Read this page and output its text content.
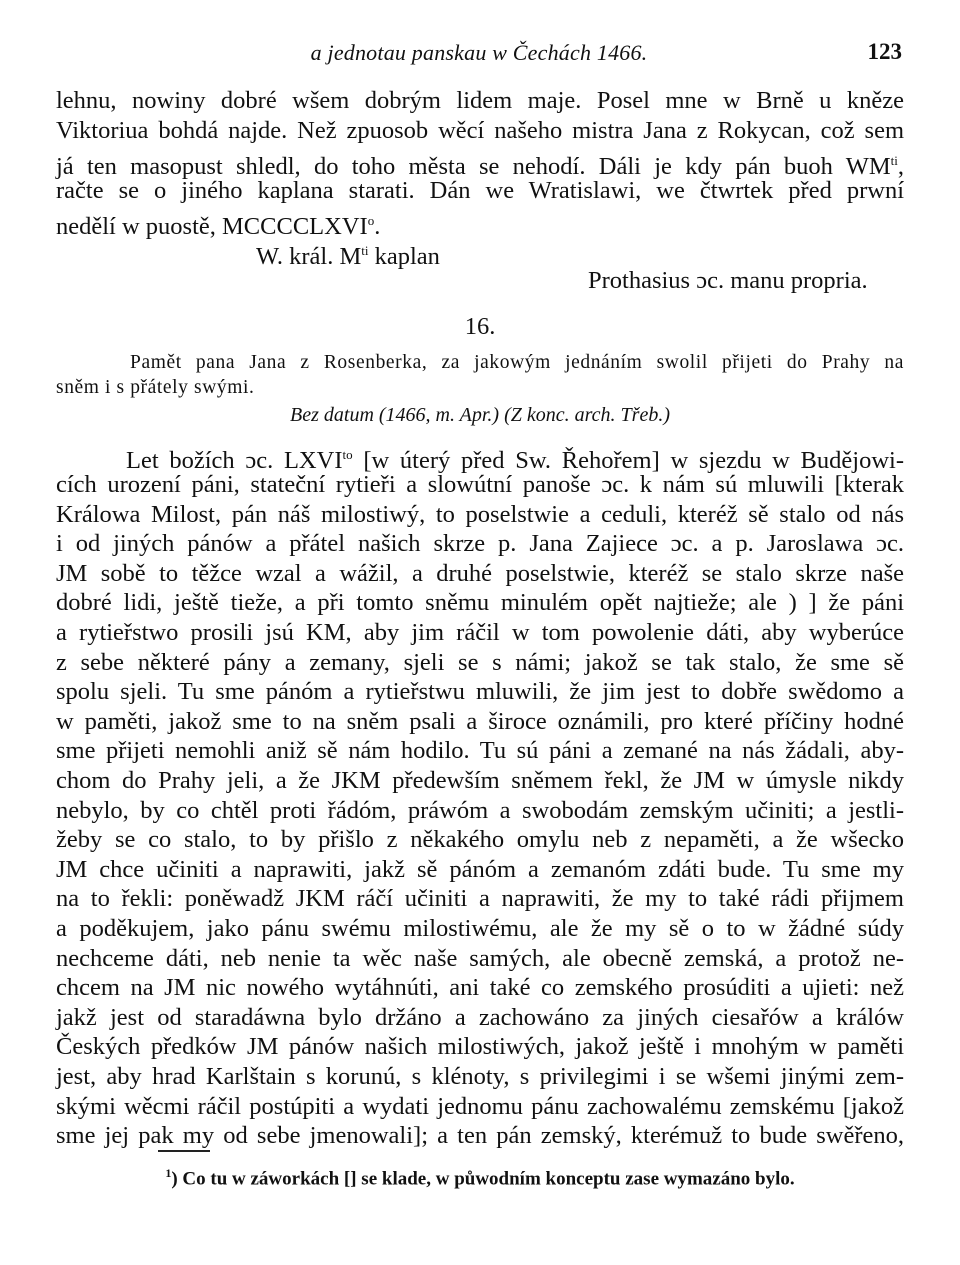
a jednotau panskau w Čechách 1466.	123
lehnu, nowiny dobré wšem dobrým lidem maje. Posel mne w Brně u kněze
Viktoriua bohdá najde. Než zpuosob wěcí našeho mistra Jana z Rokycan, což sem
já ten masopust shledl, do toho města se nehodí. Dáli je kdy pán buoh $WM^{ti}$,
račte se o jiného kaplana starati. Dán we Wratislawi, we čtwrtek před prwní
nedělí w puostě, MCCCCLXVI$^o$.
W. král. $M^{ti}$ kaplan
Prothasius ɔc. manu propria.
16.
Pamět pana Jana z Rosenberka, za jakowým jednáním swolil přijeti do Prahy na
sněm i s přátely swými.
Bez datum (1466, m. Apr.) (Z konc. arch. Třeb.)
Let božích ɔc. $LXVI^{to}$ [w úterý před Sw. Řehořem] w sjezdu w Budějowi-
cích urození páni, stateční rytieři a slowútní panoše ɔc. k nám sú mluwili [kterak
Králowa Milost, pán náš milostiwý, to poselstwie a ceduli, kteréž sě stalo od nás
i od jiných pánów a přátel našich skrze p. Jana Zajiece ɔc. a p. Jaroslawa ɔc.
JM sobě to těžce wzal a wážil, a druhé poselstwie, kteréž se stalo skrze naše
dobré lidi, ještě tieže, a při tomto sněmu minulém opět najtieže; ale ) ] že páni
a rytieřstwo prosili jsú KM, aby jim ráčil w tom powolenie dáti, aby wyberúce
z sebe některé pány a zemany, sjeli se s námi; jakož se tak stalo, že sme sě
spolu sjeli. Tu sme pánóm a rytieřstwu mluwili, že jim jest to dobře swědomo a
w paměti, jakož sme to na sněm psali a široce oznámili, pro které příčiny hodné
sme přijeti nemohli aniž sě nám hodilo. Tu sú páni a zemané na nás žádali, aby-
chom do Prahy jeli, a že JKM předewším sněmem řekl, že JM w úmysle nikdy
nebylo, by co chtěl proti řádóm, práwóm a swobodám zemským učiniti; a jestli-
žeby se co stalo, to by přišlo z někakého omylu neb z nepaměti, a že wšecko
JM chce učiniti a naprawiti, jakž sě pánóm a zemanóm zdáti bude. Tu sme my
na to řekli: poněwadž JKM ráčí učiniti a naprawiti, že my to také rádi přijmem
a poděkujem, jako pánu swému milostiwému, ale že my sě o to w žádné súdy
nechceme dáti, neb nenie ta wěc naše samých, ale obecně zemská, a protož ne-
chcem na JM nic nowého wytáhnúti, ani také co zemského prosúditi a ujieti: než
jakž jest od staradáwna bylo držáno a zachowáno za jiných ciesařów a králów
Českých předków JM pánów našich milostiwých, jakož ještě i mnohým w paměti
jest, aby hrad Karlštain s korunú, s klénoty, s privilegimi i se wšemi jinými zem-
skými wěcmi ráčil postúpiti a wydati jednomu pánu zachowalému zemskému [jakož
$^1$) Co tu w záworkách [] se klade, w půwodním konceptu zase wymazáno bylo.
sme jej pak my od sebe jmenowali]; a ten pán zemský, kterémuž to bude swěřeno,
